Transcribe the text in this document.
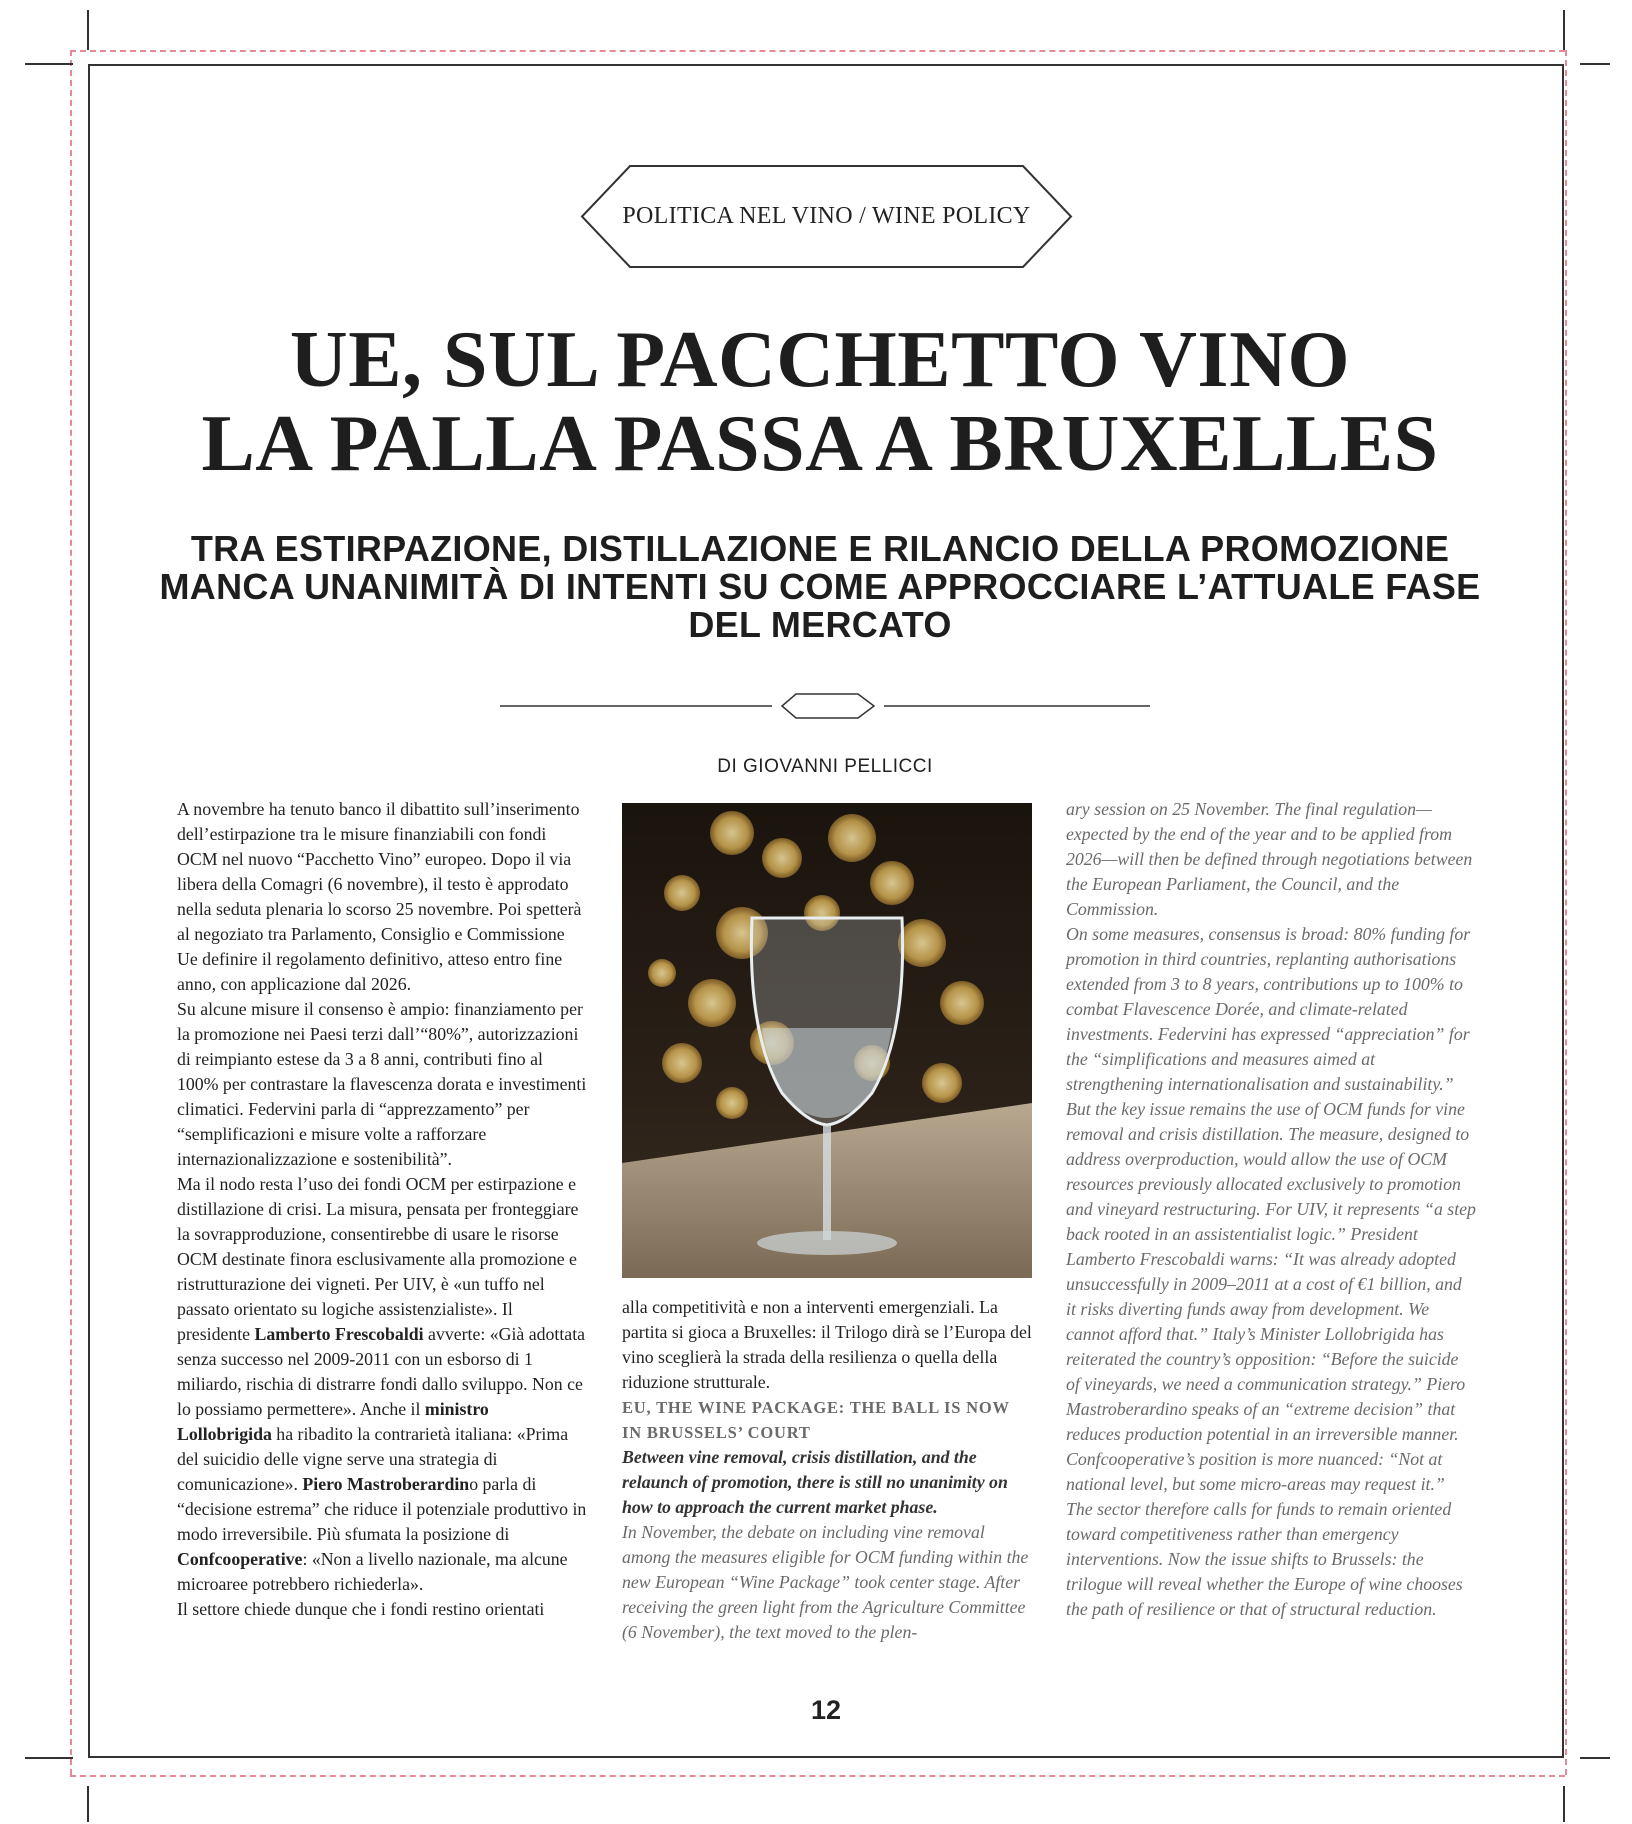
POLITICA NEL VINO / WINE POLICY
UE, SUL PACCHETTO VINO
LA PALLA PASSA A BRUXELLES
TRA ESTIRPAZIONE, DISTILLAZIONE E RILANCIO DELLA PROMOZIONE
MANCA UNANIMITÀ DI INTENTI SU COME APPROCCIARE L’ATTUALE FASE
DEL MERCATO
DI GIOVANNI PELLICCI

A novembre ha tenuto banco il dibattito sull’inserimento dell’estirpazione tra le misure finanziabili con fondi OCM nel nuovo “Pacchetto Vino” europeo. Dopo il via libera della Comagri (6 novembre), il testo è approdato nella seduta plenaria lo scorso 25 novembre. Poi spetterà al negoziato tra Parlamento, Consiglio e Commissione Ue definire il regolamento definitivo, atteso entro fine anno, con applicazione dal 2026.

Su alcune misure il consenso è ampio: finanziamento per la promozione nei Paesi terzi dall’“80%”, autorizzazioni di reimpianto estese da 3 a 8 anni, contributi fino al 100% per contrastare la flavescenza dorata e investimenti climatici. Federvini parla di “apprezzamento” per “semplificazioni e misure volte a rafforzare internazionalizzazione e sostenibilità”.

Ma il nodo resta l’uso dei fondi OCM per estirpazione e distillazione di crisi. La misura, pensata per fronteggiare la sovrapproduzione, consentirebbe di usare le risorse OCM destinate finora esclusivamente alla promozione e ristrutturazione dei vigneti. Per UIV, è «un tuffo nel passato orientato su logiche assistenzialiste». Il presidente Lamberto Frescobaldi avverte: «Già adottata senza successo nel 2009-2011 con un esborso di 1 miliardo, rischia di distrarre fondi dallo sviluppo. Non ce lo possiamo permettere». Anche il ministro Lollobrigida ha ribadito la contrarietà italiana: «Prima del suicidio delle vigne serve una strategia di comunicazione». Piero Mastroberardino parla di “decisione estrema” che riduce il potenziale produttivo in modo irreversibile. Più sfumata la posizione di Confcooperative: «Non a livello nazionale, ma alcune microaree potrebbero richiederla».

Il settore chiede dunque che i fondi restino orientati

alla competitività e non a interventi emergenziali. La partita si gioca a Bruxelles: il Trilogo dirà se l’Europa del vino sceglierà la strada della resilienza o quella della riduzione strutturale.

EU, THE WINE PACKAGE: THE BALL IS NOW IN BRUSSELS’ COURT

Between vine removal, crisis distillation, and the relaunch of promotion, there is still no unanimity on how to approach the current market phase.

In November, the debate on including vine removal among the measures eligible for OCM funding within the new European “Wine Package” took center stage. After receiving the green light from the Agriculture Committee (6 November), the text moved to the plen-

ary session on 25 November. The final regulation—expected by the end of the year and to be applied from 2026—will then be defined through negotiations between the European Parliament, the Council, and the Commission.

On some measures, consensus is broad: 80% funding for promotion in third countries, replanting authorisations extended from 3 to 8 years, contributions up to 100% to combat Flavescence Dorée, and climate-related investments. Federvini has expressed “appreciation” for the “simplifications and measures aimed at strengthening internationalisation and sustainability.”

But the key issue remains the use of OCM funds for vine removal and crisis distillation. The measure, designed to address overproduction, would allow the use of OCM resources previously allocated exclusively to promotion and vineyard restructuring. For UIV, it represents “a step back rooted in an assistentialist logic.” President Lamberto Frescobaldi warns: “It was already adopted unsuccessfully in 2009–2011 at a cost of €1 billion, and it risks diverting funds away from development. We cannot afford that.” Italy’s Minister Lollobrigida has reiterated the country’s opposition: “Before the suicide of vineyards, we need a communication strategy.” Piero Mastroberardino speaks of an “extreme decision” that reduces production potential in an irreversible manner. Confcooperative’s position is more nuanced: “Not at national level, but some micro-areas may request it.”

The sector therefore calls for funds to remain oriented toward competitiveness rather than emergency interventions. Now the issue shifts to Brussels: the trilogue will reveal whether the Europe of wine chooses the path of resilience or that of structural reduction.

12
